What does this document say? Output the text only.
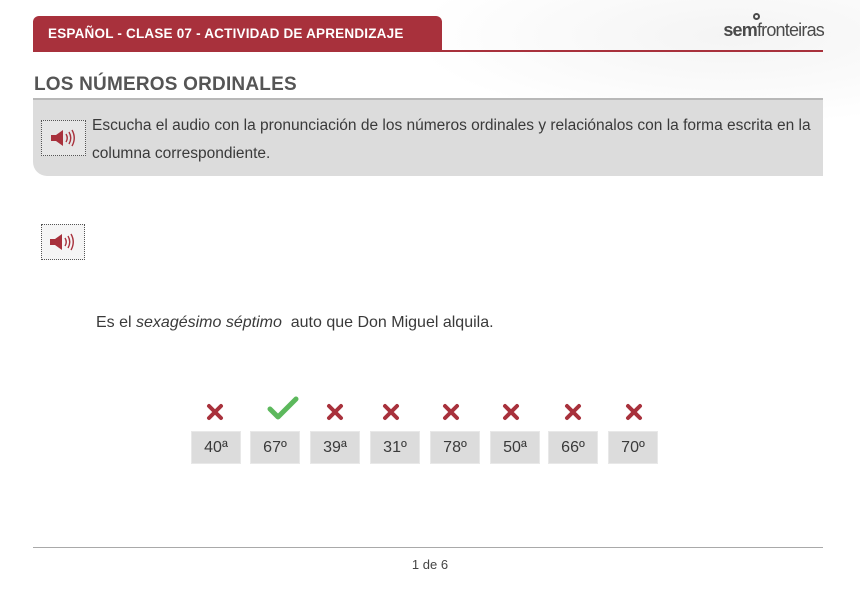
ESPAÑOL - CLASE 07 - ACTIVIDAD DE APRENDIZAJE	sem fronteiras
LOS NÚMEROS ORDINALES
Escucha el audio con la pronunciación de los números ordinales y relaciónalos con la forma escrita en la columna correspondiente.
Es el sexagésimo séptimo  auto que Don Miguel alquila.
40ª	67º	39ª	31º	78º	50ª	66º	70º
1 de 6
